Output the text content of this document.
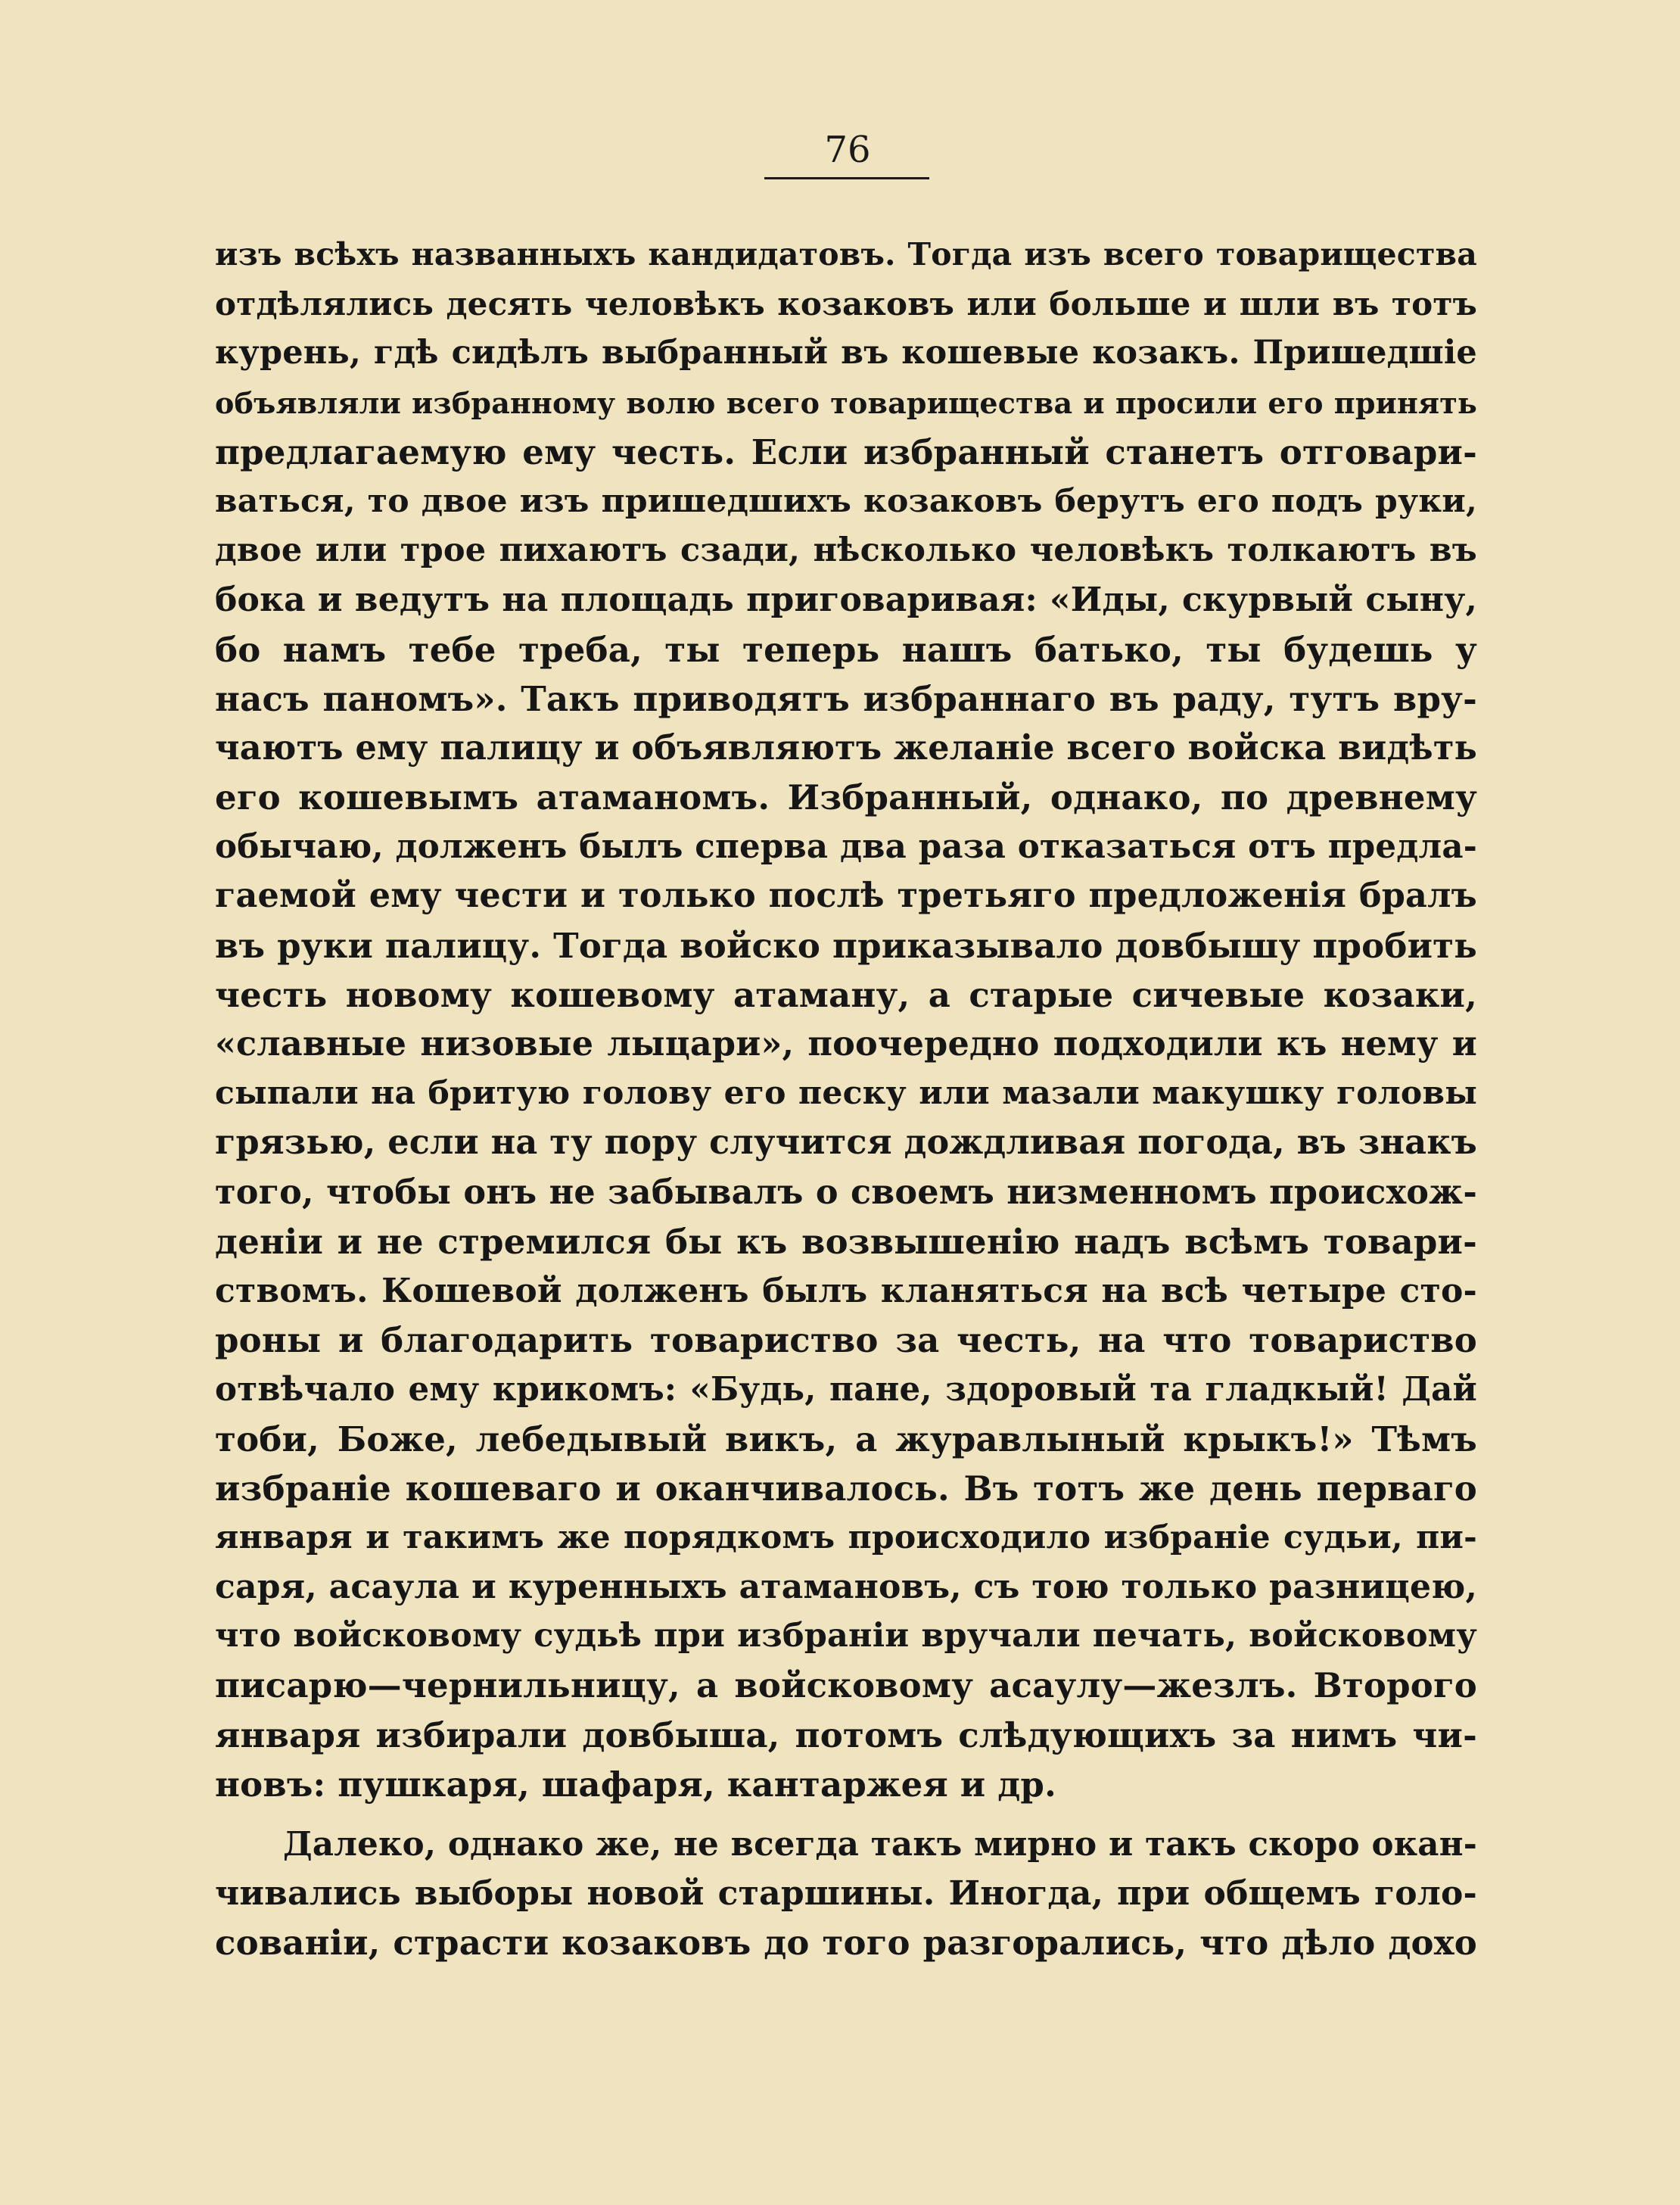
76
изъ всѣхъ названныхъ кандидатовъ. Тогда изъ всего товарищества
отдѣлялись десять человѣкъ козаковъ или больше и шли въ тотъ
курень, гдѣ сидѣлъ выбранный въ кошевые козакъ. Пришедшіе
объявляли избранному волю всего товарищества и просили его принять
предлагаемую ему честь. Если избранный станетъ отговари-
ваться, то двое изъ пришедшихъ козаковъ берутъ его подъ руки,
двое или трое пихаютъ сзади, нѣсколько человѣкъ толкаютъ въ
бока и ведутъ на площадь приговаривая: «Иды, скурвый сыну,
бо намъ тебе треба, ты теперь нашъ батько, ты будешь у
насъ паномъ». Такъ приводятъ избраннаго въ раду, тутъ вру-
чаютъ ему палицу и объявляютъ желаніе всего войска видѣть
его кошевымъ атаманомъ. Избранный, однако, по древнему
обычаю, долженъ былъ сперва два раза отказаться отъ предла-
гаемой ему чести и только послѣ третьяго предложенія бралъ
въ руки палицу. Тогда войско приказывало довбышу пробить
честь новому кошевому атаману, а старые сичевые козаки,
«славные низовые лыцари», поочередно подходили къ нему и
сыпали на бритую голову его песку или мазали макушку головы
грязью, если на ту пору случится дождливая погода, въ знакъ
того, чтобы онъ не забывалъ о своемъ низменномъ происхож-
деніи и не стремился бы къ возвышенію надъ всѣмъ товари-
ствомъ. Кошевой долженъ былъ кланяться на всѣ четыре сто-
роны и благодарить товариство за честь, на что товариство
отвѣчало ему крикомъ: «Будь, пане, здоровый та гладкый! Дай
тоби, Боже, лебедывый викъ, а журавлыный крыкъ!» Тѣмъ
избраніе кошеваго и оканчивалось. Въ тотъ же день перваго
января и такимъ же порядкомъ происходило избраніе судьи, пи-
саря, асаула и куренныхъ атамановъ, съ тою только разницею,
что войсковому судьѣ при избраніи вручали печать, войсковому
писарю—чернильницу, а войсковому асаулу—жезлъ. Второго
января избирали довбыша, потомъ слѣдующихъ за нимъ чи-
новъ: пушкаря, шафаря, кантаржея и др.
Далеко, однако же, не всегда такъ мирно и такъ скоро окан-
чивались выборы новой старшины. Иногда, при общемъ голо-
сованіи, страсти козаковъ до того разгорались, что дѣло дохо
